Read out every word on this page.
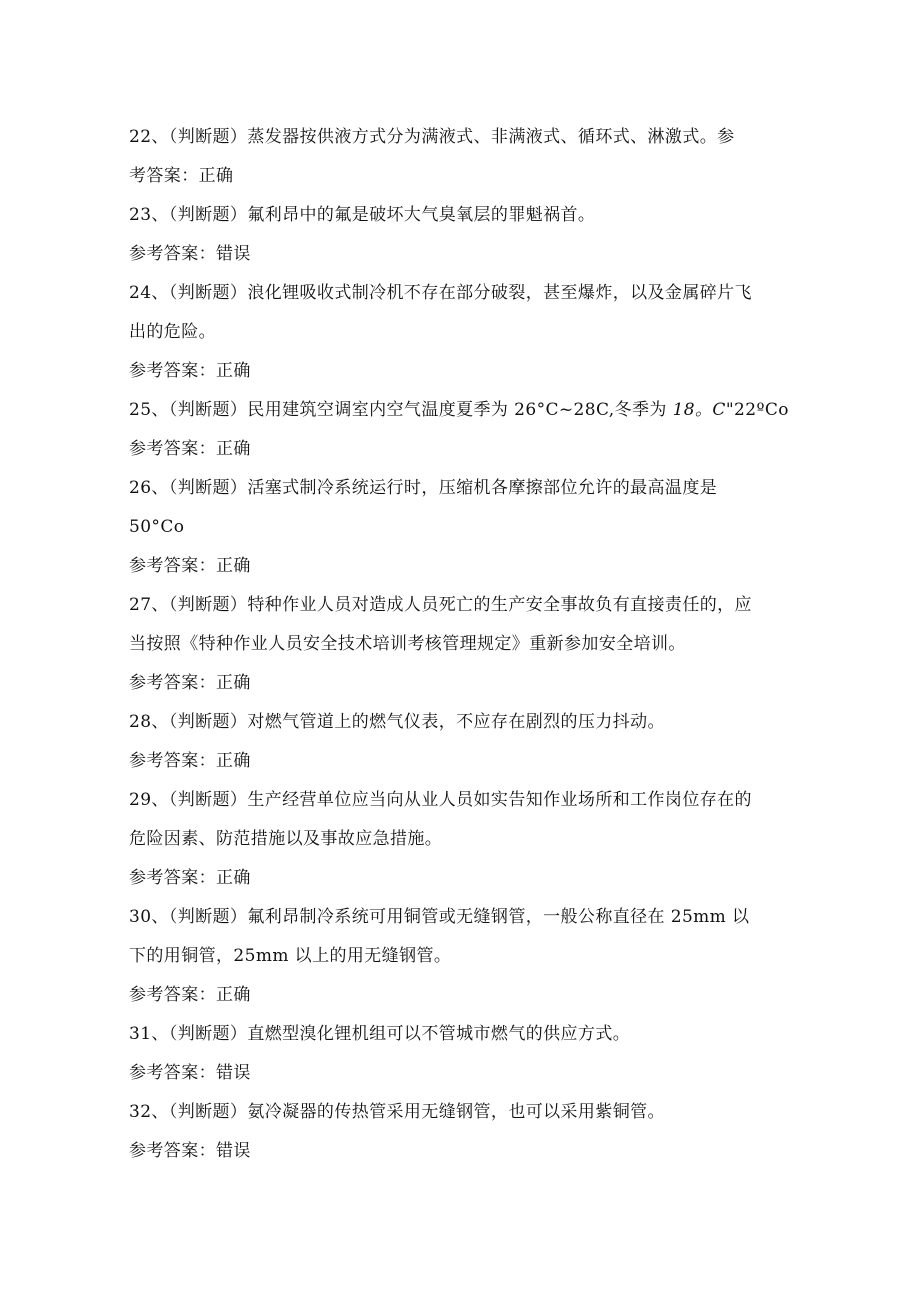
22、（判断题）蒸发器按供液方式分为满液式、非满液式、循环式、淋激式。参
考答案：正确
23、（判断题）氟利昂中的氟是破坏大气臭氧层的罪魁祸首。
参考答案：错误
24、（判断题）浪化锂吸收式制冷机不存在部分破裂，甚至爆炸，以及金属碎片飞
出的危险。
参考答案：正确
25、（判断题）民用建筑空调室内空气温度夏季为 26°C~28C,冬季为 18。C"22ºCo
参考答案：正确
26、（判断题）活塞式制冷系统运行时，压缩机各摩擦部位允许的最高温度是
50°Co
参考答案：正确
27、（判断题）特种作业人员对造成人员死亡的生产安全事故负有直接责任的，应
当按照《特种作业人员安全技术培训考核管理规定》重新参加安全培训。
参考答案：正确
28、（判断题）对燃气管道上的燃气仪表，不应存在剧烈的压力抖动。
参考答案：正确
29、（判断题）生产经营单位应当向从业人员如实告知作业场所和工作岗位存在的
危险因素、防范措施以及事故应急措施。
参考答案：正确
30、（判断题）氟利昂制冷系统可用铜管或无缝钢管，一般公称直径在 25mm 以
下的用铜管，25mm 以上的用无缝钢管。
参考答案：正确
31、（判断题）直燃型溴化锂机组可以不管城市燃气的供应方式。
参考答案：错误
32、（判断题）氨冷凝器的传热管采用无缝钢管，也可以采用紫铜管。
参考答案：错误
